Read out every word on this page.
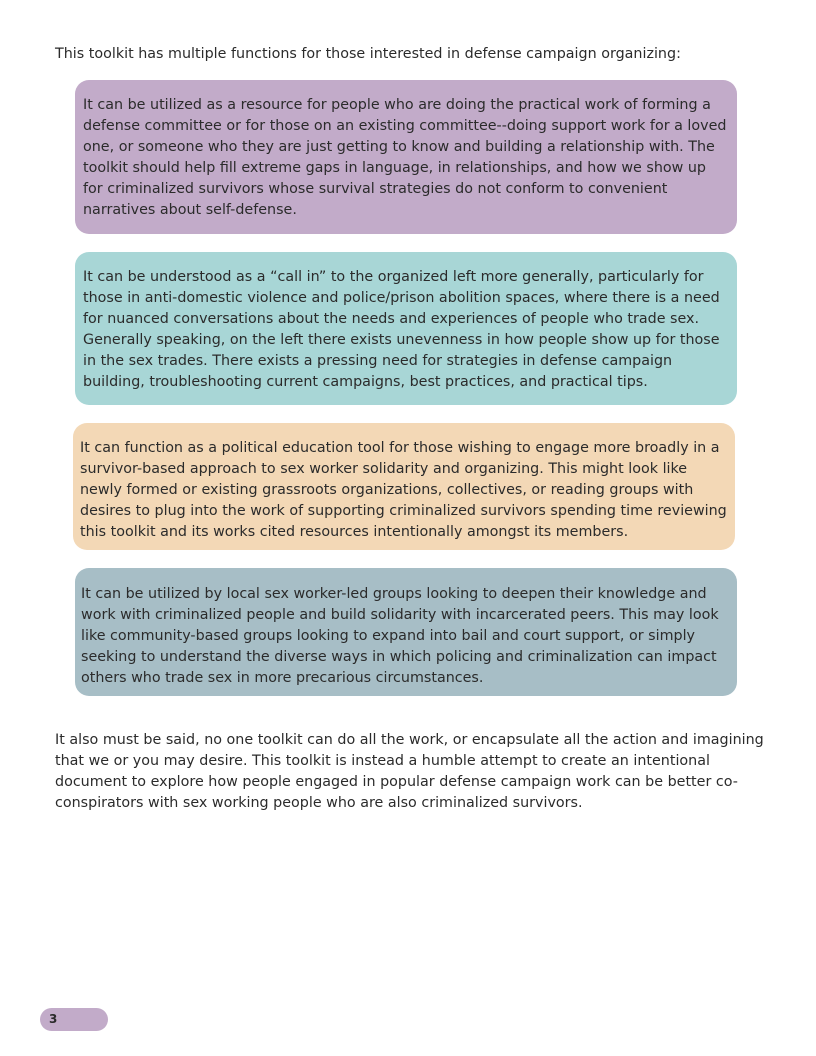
This toolkit has multiple functions for those interested in defense campaign organizing:

It can be utilized as a resource for people who are doing the practical work of forming a defense committee or for those on an existing committee--doing support work for a loved one, or someone who they are just getting to know and building a relationship with. The toolkit should help fill extreme gaps in language, in relationships, and how we show up for criminalized survivors whose survival strategies do not conform to convenient narratives about self-defense.

It can be understood as a “call in” to the organized left more generally, particularly for those in anti-domestic violence and police/prison abolition spaces, where there is a need for nuanced conversations about the needs and experiences of people who trade sex. Generally speaking, on the left there exists unevenness in how people show up for those in the sex trades. There exists a pressing need for strategies in defense campaign building, troubleshooting current campaigns, best practices, and practical tips.

It can function as a political education tool for those wishing to engage more broadly in a survivor-based approach to sex worker solidarity and organizing. This might look like newly formed or existing grassroots organizations, collectives, or reading groups with desires to plug into the work of supporting criminalized survivors spending time reviewing this toolkit and its works cited resources intentionally amongst its members.

It can be utilized by local sex worker-led groups looking to deepen their knowledge and work with criminalized people and build solidarity with incarcerated peers. This may look like community-based groups looking to expand into bail and court support, or simply seeking to understand the diverse ways in which policing and criminalization can impact others who trade sex in more precarious circumstances.

It also must be said, no one toolkit can do all the work, or encapsulate all the action and imagining that we or you may desire. This toolkit is instead a humble attempt to create an intentional document to explore how people engaged in popular defense campaign work can be better co-conspirators with sex working people who are also criminalized survivors.

3
